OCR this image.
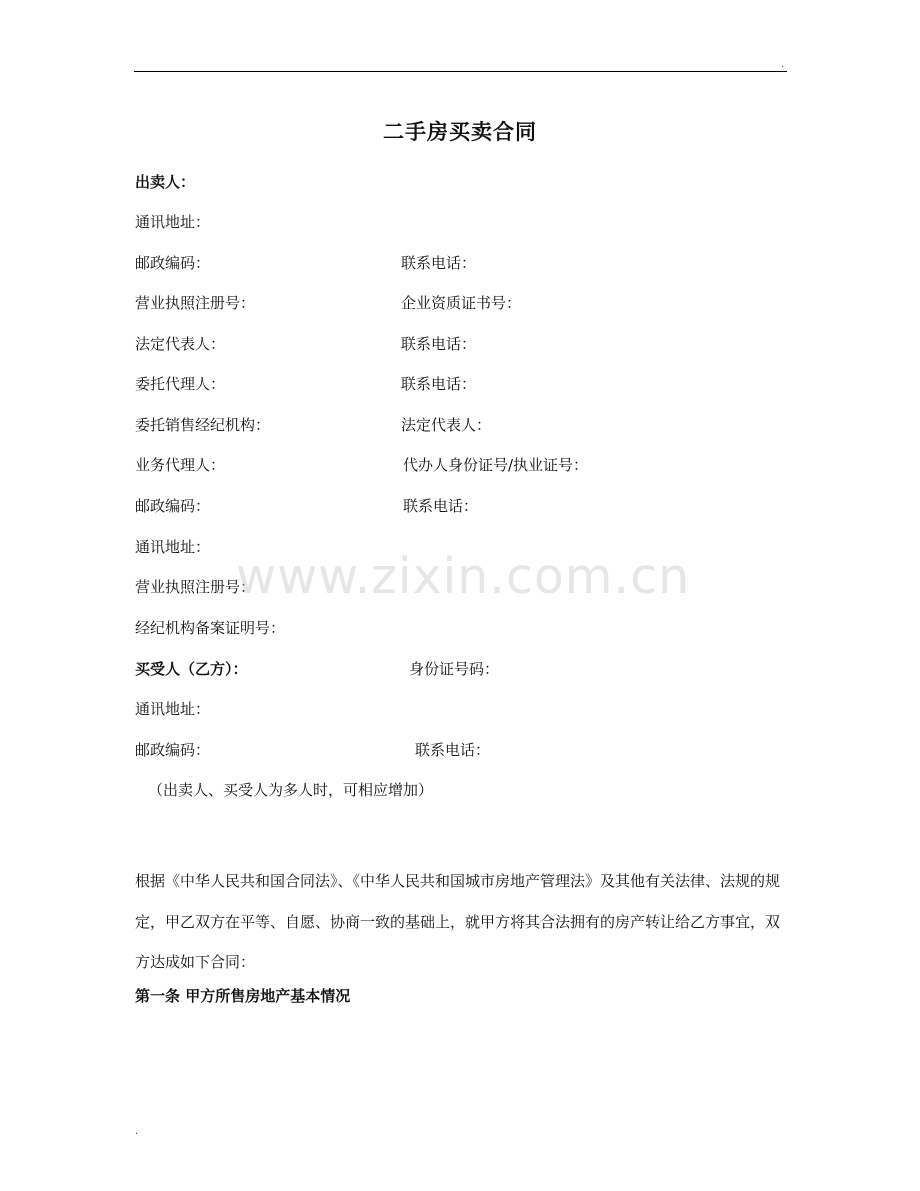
.
二手房买卖合同
出卖人：
通讯地址：
邮政编码：	联系电话：
营业执照注册号：	企业资质证书号：
法定代表人：	联系电话：
委托代理人：	联系电话：
委托销售经纪机构：	法定代表人：
业务代理人：	代办人身份证号/执业证号：
邮政编码：	联系电话：
通讯地址：
营业执照注册号：
经纪机构备案证明号：
买受人（乙方）：	身份证号码：
通讯地址：
邮政编码：	联系电话：
（出卖人、买受人为多人时，可相应增加）
根据《中华人民共和国合同法》、《中华人民共和国城市房地产管理法》及其他有关法律、法规的规定，甲乙双方在平等、自愿、协商一致的基础上，就甲方将其合法拥有的房产转让给乙方事宜，双方达成如下合同：
第一条 甲方所售房地产基本情况
www.zixin.com.cn
.
